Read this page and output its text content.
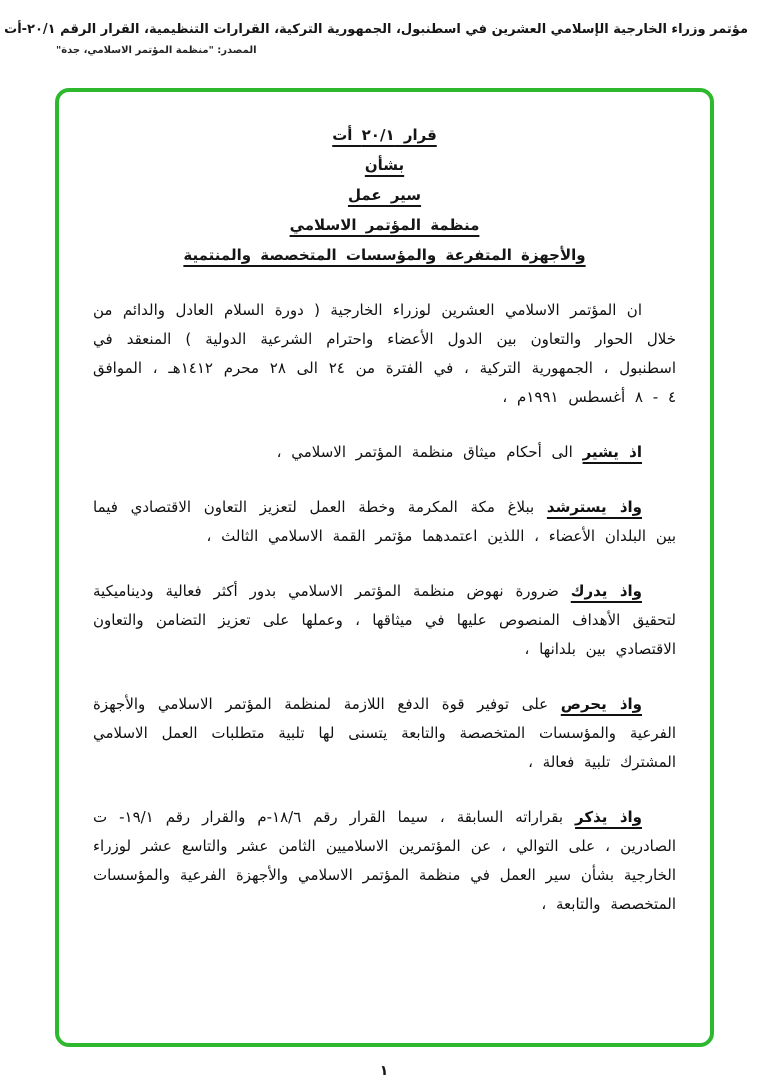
مؤتمر وزراء الخارجية الإسلامي العشرين في اسطنبول، الجمهورية التركية، القرارات التنظيمية، القرار الرقم ٢٠/١-أت
المصدر: "منظمة المؤتمر الاسلامي، جدة"
قرار ٢٠/١ أت
بشأن
سير عمل
منظمة المؤتمر الاسلامي
والأجهزة المتفرعة والمؤسسات المتخصصة والمنتمية

ان المؤتمر الاسلامي العشرين لوزراء الخارجية ( دورة السلام العادل والدائم من خلال الحوار والتعاون بين الدول الأعضاء واحترام الشرعية الدولية ) المنعقد في اسطنبول ، الجمهورية التركية ، في الفترة من ٢٤ الى ٢٨ محرم ١٤١٢هـ ، الموافق ٤ - ٨ أغسطس ١٩٩١م ،

اذ يشير الى أحكام ميثاق منظمة المؤتمر الاسلامي ،

واذ يسترشد ببلاغ مكة المكرمة وخطة العمل لتعزيز التعاون الاقتصادي فيما بين البلدان الأعضاء ، اللذين اعتمدهما مؤتمر القمة الاسلامي الثالث ،

واذ يدرك ضرورة نهوض منظمة المؤتمر الاسلامي بدور أكثر فعالية وديناميكية لتحقيق الأهداف المنصوص عليها في ميثاقها ، وعملها على تعزيز التضامن والتعاون الاقتصادي بين بلدانها ،

واذ يحرص على توفير قوة الدفع اللازمة لمنظمة المؤتمر الاسلامي والأجهزة الفرعية والمؤسسات المتخصصة والتابعة يتسنى لها تلبية متطلبات العمل الاسلامي المشترك تلبية فعالة ،

واذ يذكر بقراراته السابقة ، سيما القرار رقم ١٨/٦-م والقرار رقم ١٩/١- ت الصادرين ، على التوالي ، عن المؤتمرين الاسلاميين الثامن عشر والتاسع عشر لوزراء الخارجية بشأن سير العمل في منظمة المؤتمر الاسلامي والأجهزة الفرعية والمؤسسات المتخصصة والتابعة ،

١
